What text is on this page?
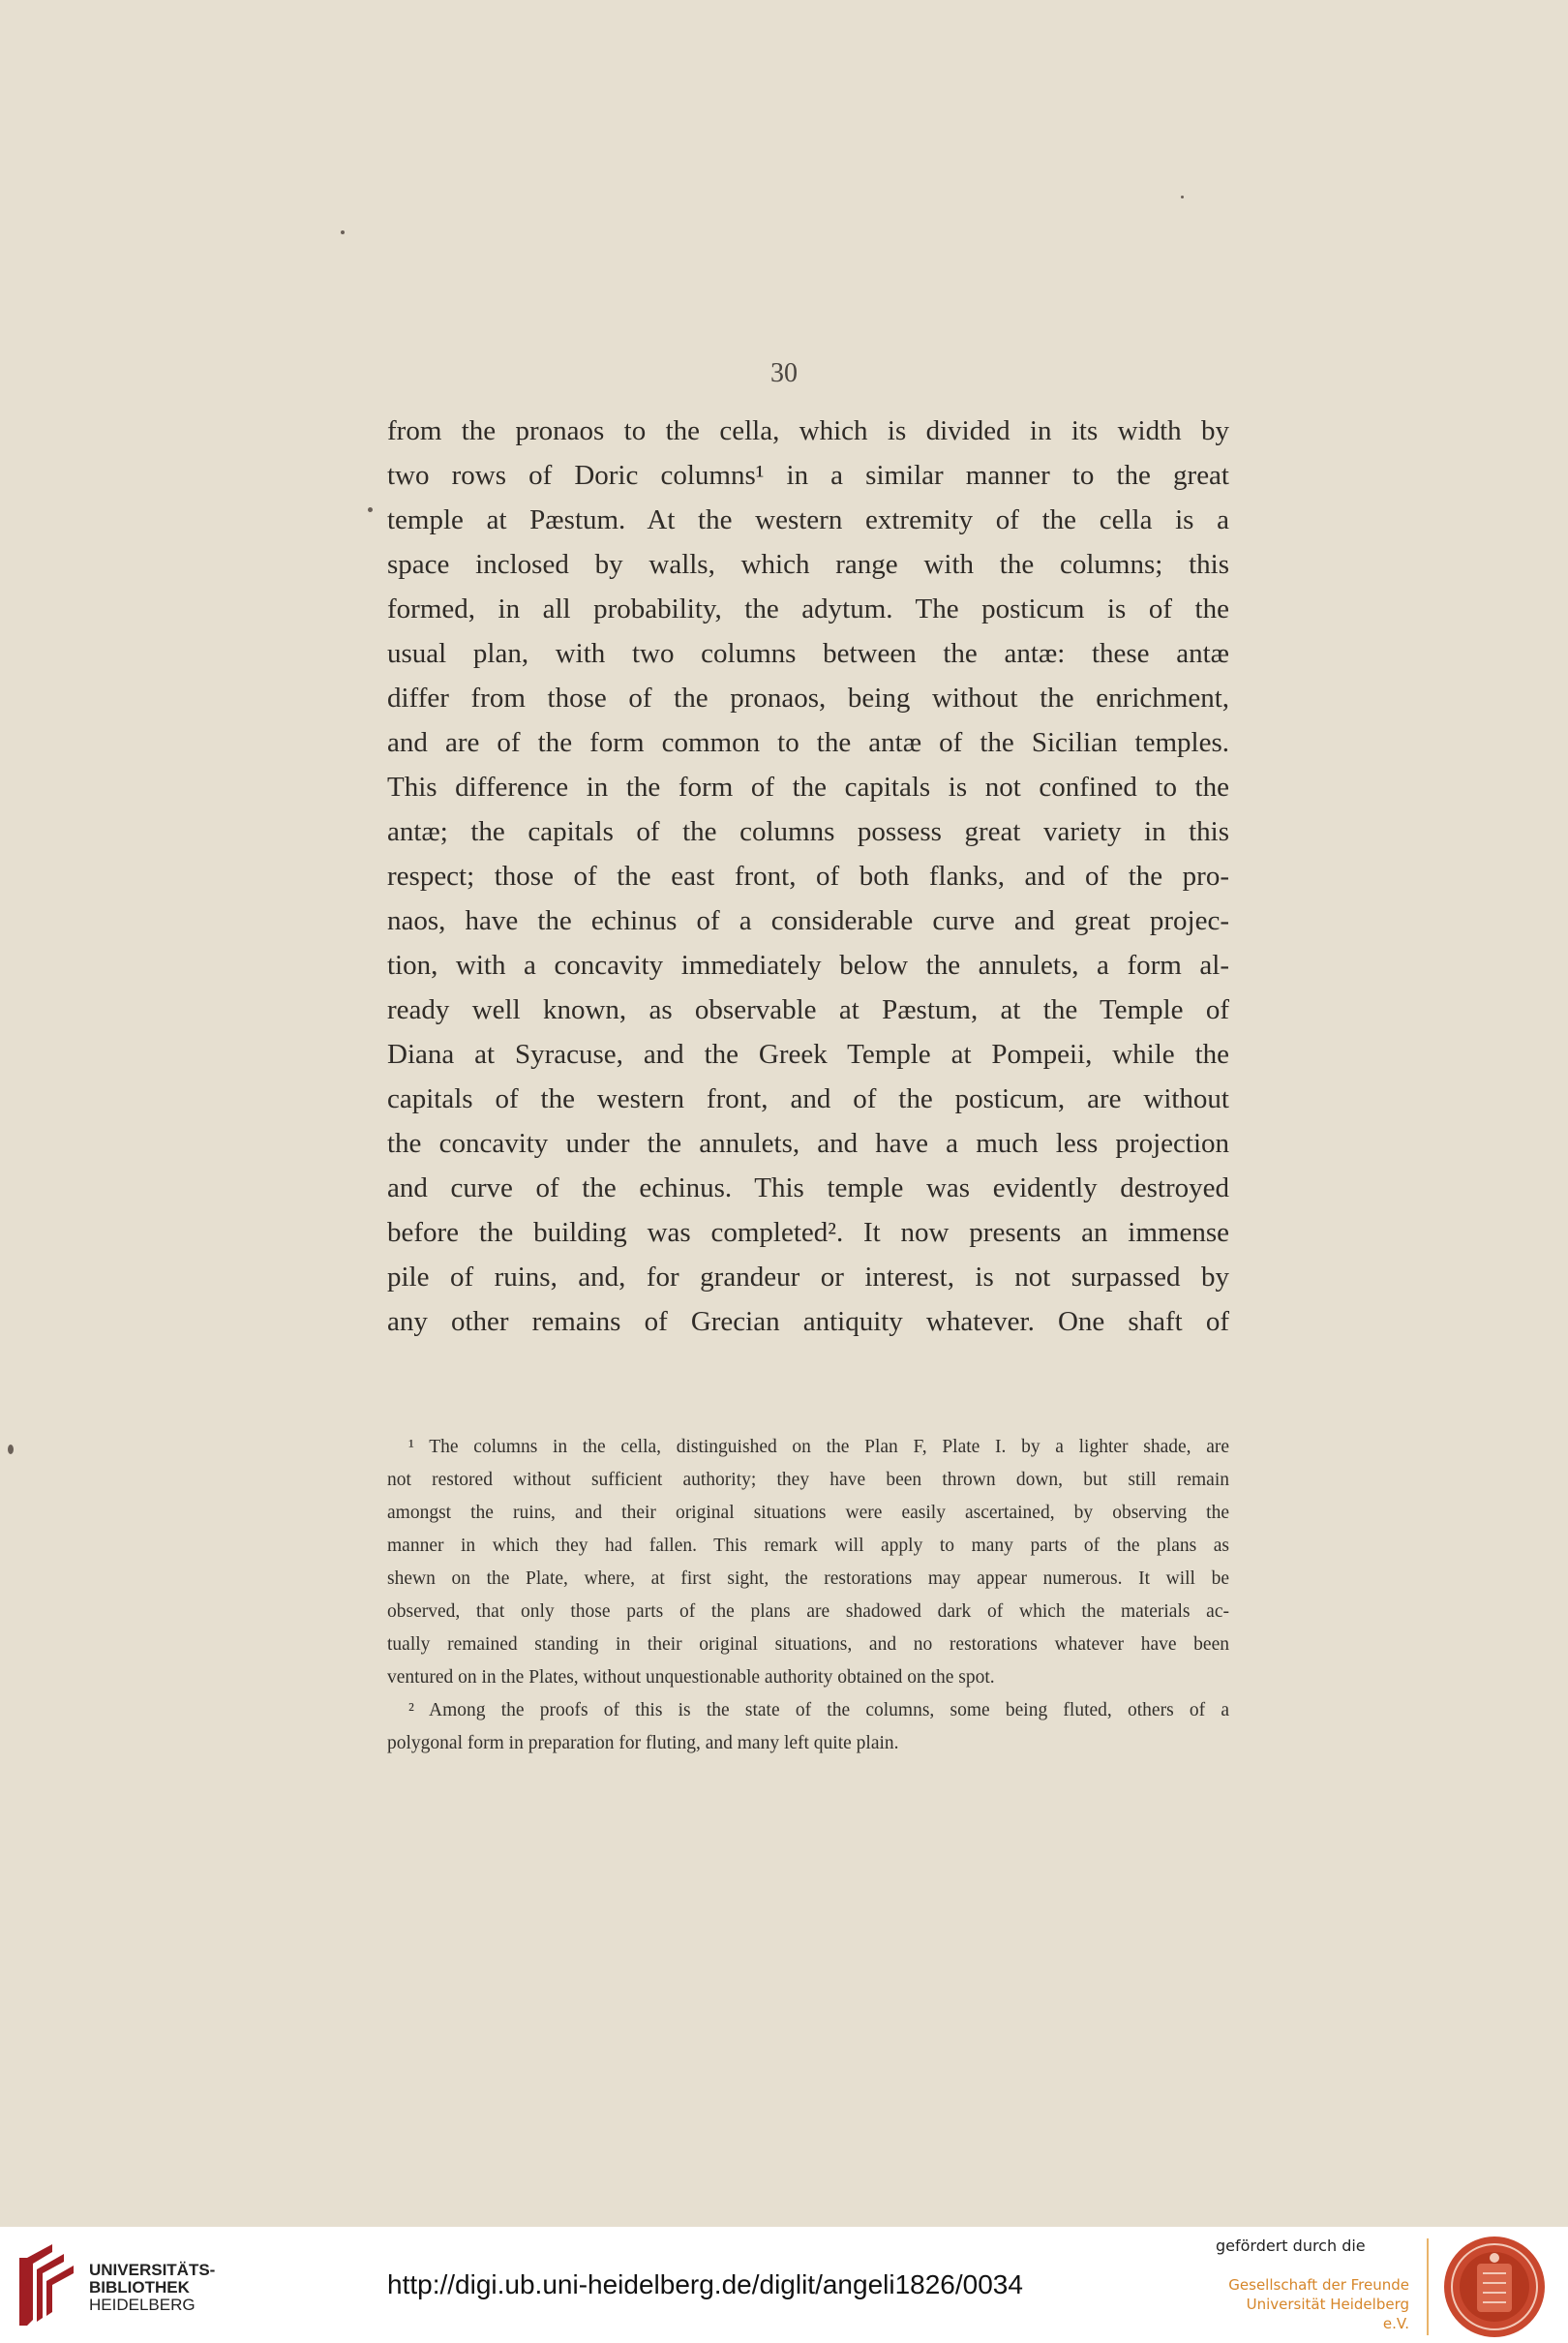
30
from the pronaos to the cella, which is divided in its width by
two rows of Doric columns¹ in a similar manner to the great
temple at Pæstum. At the western extremity of the cella is a
space inclosed by walls, which range with the columns; this
formed, in all probability, the adytum. The posticum is of the
usual plan, with two columns between the antæ: these antæ
differ from those of the pronaos, being without the enrichment,
and are of the form common to the antæ of the Sicilian temples.
This difference in the form of the capitals is not confined to the
antæ; the capitals of the columns possess great variety in this
respect; those of the east front, of both flanks, and of the pro-
naos, have the echinus of a considerable curve and great projec-
tion, with a concavity immediately below the annulets, a form al-
ready well known, as observable at Pæstum, at the Temple of
Diana at Syracuse, and the Greek Temple at Pompeii, while the
capitals of the western front, and of the posticum, are without
the concavity under the annulets, and have a much less projection
and curve of the echinus. This temple was evidently destroyed
before the building was completed². It now presents an immense
pile of ruins, and, for grandeur or interest, is not surpassed by
any other remains of Grecian antiquity whatever. One shaft of
¹ The columns in the cella, distinguished on the Plan F, Plate I. by a lighter shade, are
not restored without sufficient authority; they have been thrown down, but still remain
amongst the ruins, and their original situations were easily ascertained, by observing the
manner in which they had fallen. This remark will apply to many parts of the plans as
shewn on the Plate, where, at first sight, the restorations may appear numerous. It will be
observed, that only those parts of the plans are shadowed dark of which the materials ac-
tually remained standing in their original situations, and no restorations whatever have been
ventured on in the Plates, without unquestionable authority obtained on the spot.
² Among the proofs of this is the state of the columns, some being fluted, others of a
polygonal form in preparation for fluting, and many left quite plain.
UNIVERSITÄTS-
BIBLIOTHEK
HEIDELBERG
http://digi.ub.uni-heidelberg.de/diglit/angeli1826/0034
gefördert durch die
Gesellschaft der Freunde
Universität Heidelberg e.V.
